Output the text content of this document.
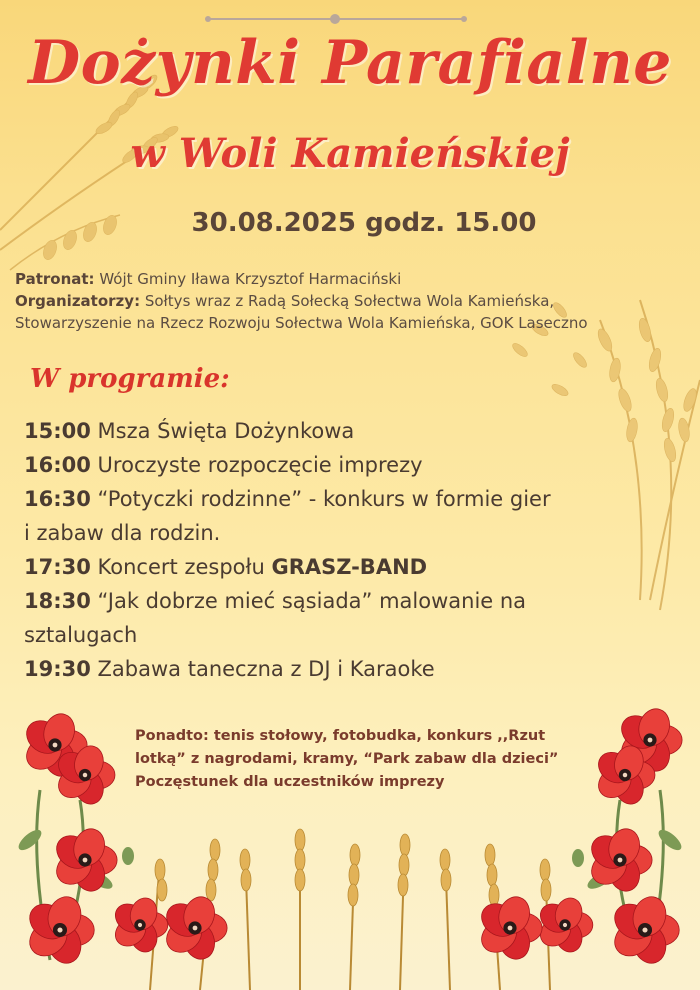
Dożynki Parafialne
w Woli Kamieńskiej
30.08.2025 godz. 15.00
Patronat: Wójt Gminy Iława Krzysztof Harmaciński
Organizatorzy: Sołtys wraz z Radą Sołecką Sołectwa Wola Kamieńska,
Stowarzyszenie na Rzecz Rozwoju Sołectwa Wola Kamieńska, GOK Laseczno
W programie:
15:00 Msza Święta Dożynkowa
16:00 Uroczyste rozpoczęcie imprezy
16:30 “Potyczki rodzinne” - konkurs w formie gier
i zabaw dla rodzin.
17:30 Koncert zespołu GRASZ-BAND
18:30 “Jak dobrze mieć sąsiada” malowanie na
sztalugach
19:30 Zabawa taneczna z DJ i Karaoke
Ponadto: tenis stołowy, fotobudka, konkurs ,,Rzut
lotką” z nagrodami, kramy, “Park zabaw dla dzieci”
Poczęstunek dla uczestników imprezy
